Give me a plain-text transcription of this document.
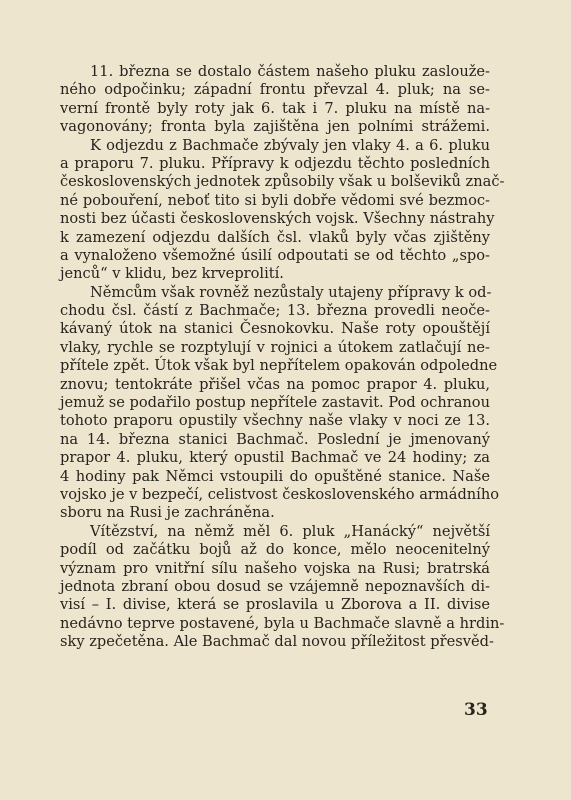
11. března se dostalo částem našeho pluku zasloužе-
ného odpočinku; západní frontu převzal 4. pluk; na se-
verní frontě byly roty jak 6. tak i 7. pluku na místě na-
vagonovány; fronta byla zajištěna jen polními strážemi.
K odjezdu z Bachmače zbývaly jen vlaky 4. a 6. pluku
a praporu 7. pluku. Přípravy k odjezdu těchto posledních
československých jednotek způsobily však u bolševiků znač-
né pobouření, neboť tito si byli dobře vědomi své bezmoc-
nosti bez účasti československých vojsk. Všechny nástrahy
k zamezení odjezdu dalších čsl. vlaků byly včas zjištěny
a vynaloženo všemožné úsilí odpoutati se od těchto „spo-
jenců“ v klidu, bez krveprolití.
Němcům však rovněž nezůstaly utajeny přípravy k od-
chodu čsl. částí z Bachmače; 13. března provedli neoče-
kávaný útok na stanici Česnokovku. Naše roty opouštějí
vlaky, rychle se rozptylují v rojnici a útokem zatlačují ne-
přítele zpět. Útok však byl nepřítelem opakován odpoledne
znovu; tentokráte přišel včas na pomoc prapor 4. pluku,
jemuž se podařilo postup nepřítele zastavit. Pod ochranou
tohoto praporu opustily všechny naše vlaky v noci ze 13.
na 14. března stanici Bachmač. Poslední je jmenovaný
prapor 4. pluku, který opustil Bachmač ve 24 hodiny; za
4 hodiny pak Němci vstoupili do opuštěné stanice. Naše
vojsko je v bezpečí, celistvost československého armádního
sboru na Rusi je zachráněna.
Vítězství, na němž měl 6. pluk „Hanácký“ největší
podíl od začátku bojů až do konce, mělo neocenitelný
význam pro vnitřní sílu našeho vojska na Rusi; bratrská
jednota zbraní obou dosud se vzájemně nepoznavších di-
visí – I. divise, která se proslavila u Zborova a II. divise
nedávno teprve postavené, byla u Bachmače slavně a hrdin-
sky zpečetěna. Ale Bachmač dal novou příležitost přesvěd-
33
